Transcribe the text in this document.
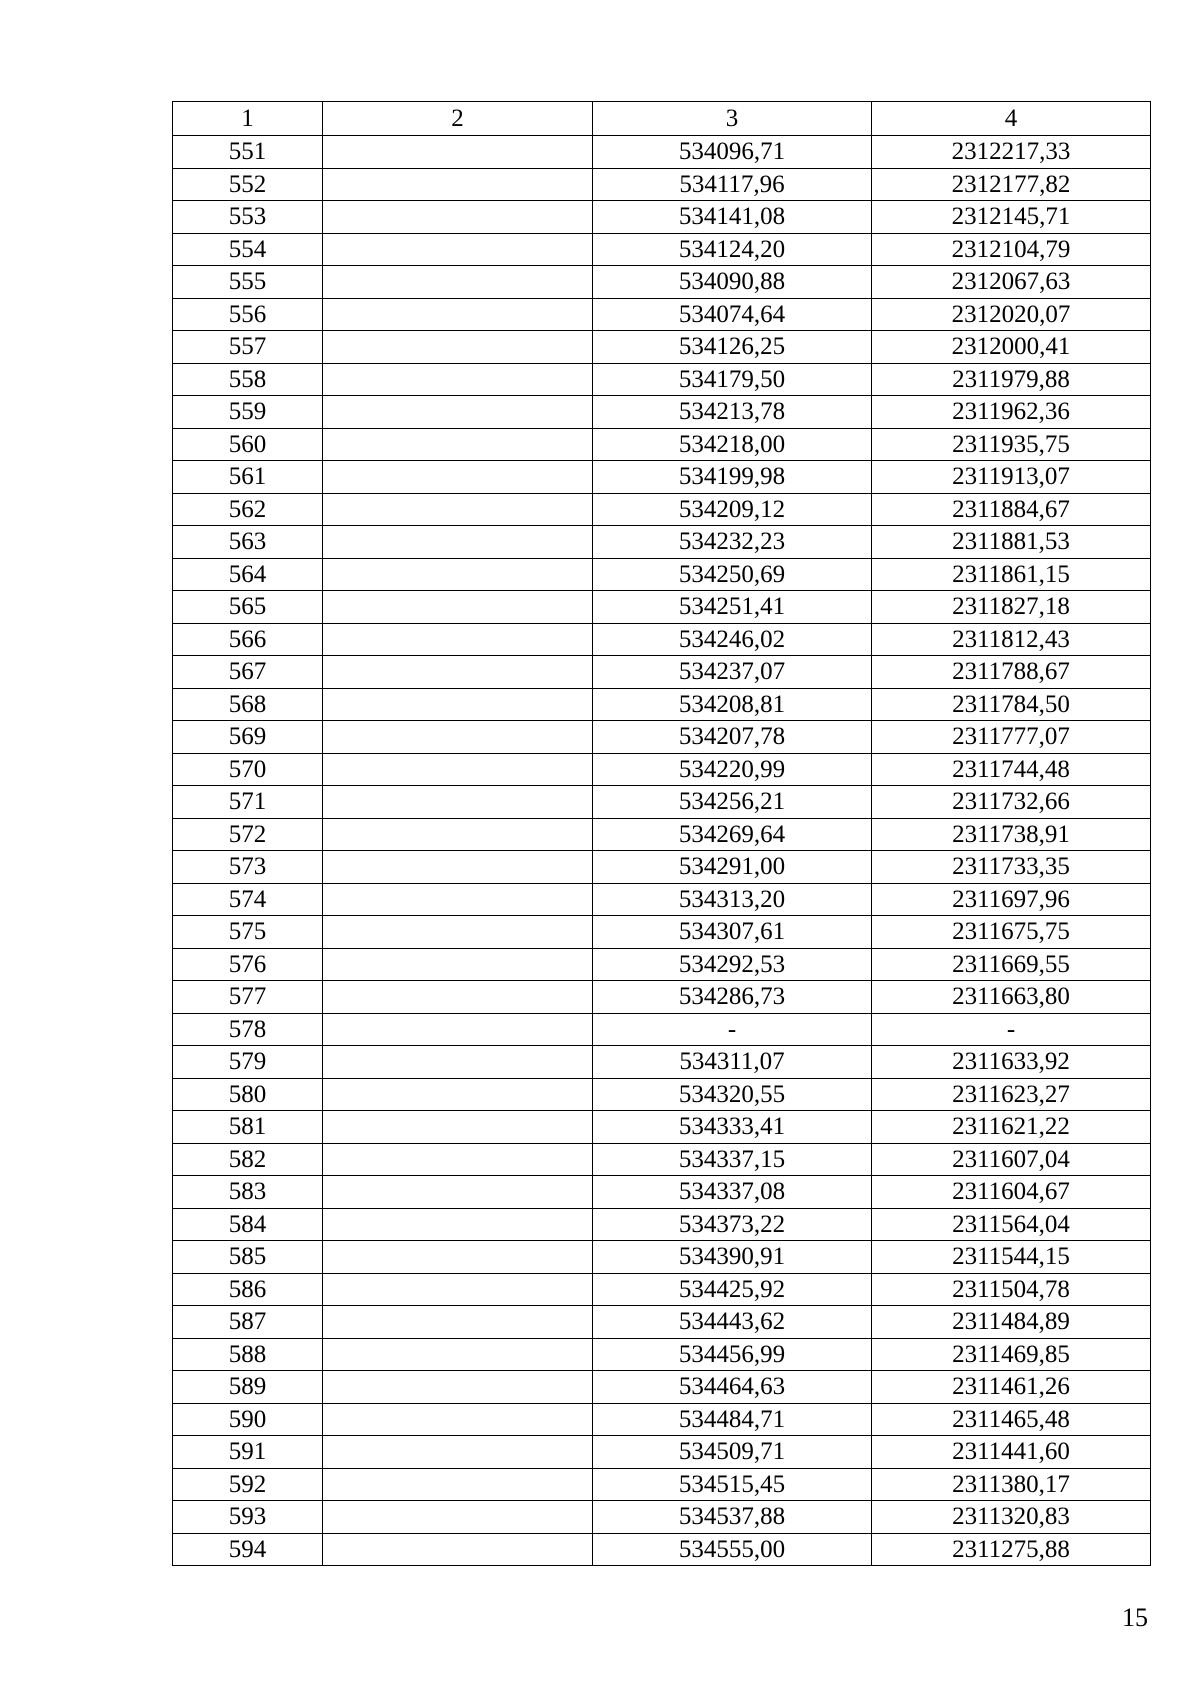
1	2	3	4
551		534096,71	2312217,33
552		534117,96	2312177,82
553		534141,08	2312145,71
554		534124,20	2312104,79
555		534090,88	2312067,63
556		534074,64	2312020,07
557		534126,25	2312000,41
558		534179,50	2311979,88
559		534213,78	2311962,36
560		534218,00	2311935,75
561		534199,98	2311913,07
562		534209,12	2311884,67
563		534232,23	2311881,53
564		534250,69	2311861,15
565		534251,41	2311827,18
566		534246,02	2311812,43
567		534237,07	2311788,67
568		534208,81	2311784,50
569		534207,78	2311777,07
570		534220,99	2311744,48
571		534256,21	2311732,66
572		534269,64	2311738,91
573		534291,00	2311733,35
574		534313,20	2311697,96
575		534307,61	2311675,75
576		534292,53	2311669,55
577		534286,73	2311663,80
578		-	-
579		534311,07	2311633,92
580		534320,55	2311623,27
581		534333,41	2311621,22
582		534337,15	2311607,04
583		534337,08	2311604,67
584		534373,22	2311564,04
585		534390,91	2311544,15
586		534425,92	2311504,78
587		534443,62	2311484,89
588		534456,99	2311469,85
589		534464,63	2311461,26
590		534484,71	2311465,48
591		534509,71	2311441,60
592		534515,45	2311380,17
593		534537,88	2311320,83
594		534555,00	2311275,88
15
